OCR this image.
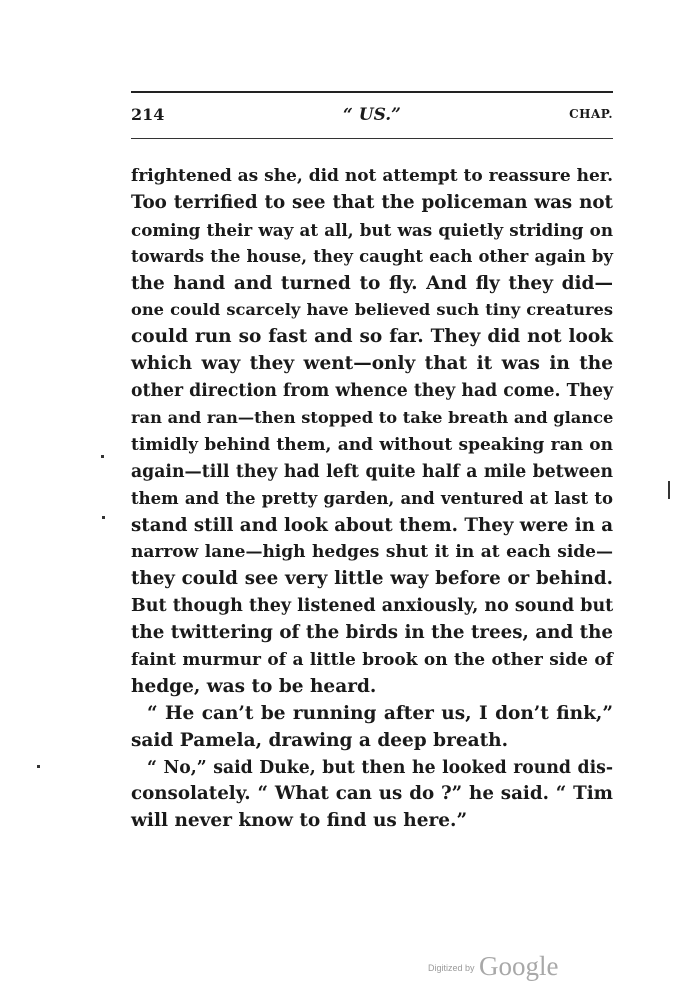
214	“ US.”	CHAP.
frightened as she, did not attempt to reassure her.
Too terrified to see that the policeman was not
coming their way at all, but was quietly striding on
towards the house, they caught each other again by
the hand and turned to fly. And fly they did—
one could scarcely have believed such tiny creatures
could run so fast and so far. They did not look
which way they went—only that it was in the
other direction from whence they had come. They
ran and ran—then stopped to take breath and glance
timidly behind them, and without speaking ran on
again—till they had left quite half a mile between
them and the pretty garden, and ventured at last to
stand still and look about them. They were in a
narrow lane—high hedges shut it in at each side—
they could see very little way before or behind.
But though they listened anxiously, no sound but
the twittering of the birds in the trees, and the
faint murmur of a little brook on the other side of
hedge, was to be heard.
“ He can’t be running after us, I don’t fink,”
said Pamela, drawing a deep breath.
“ No,” said Duke, but then he looked round dis-
consolately. “ What can us do ?” he said. “ Tim
will never know to find us here.”
$^{Digitized by}$ Google
